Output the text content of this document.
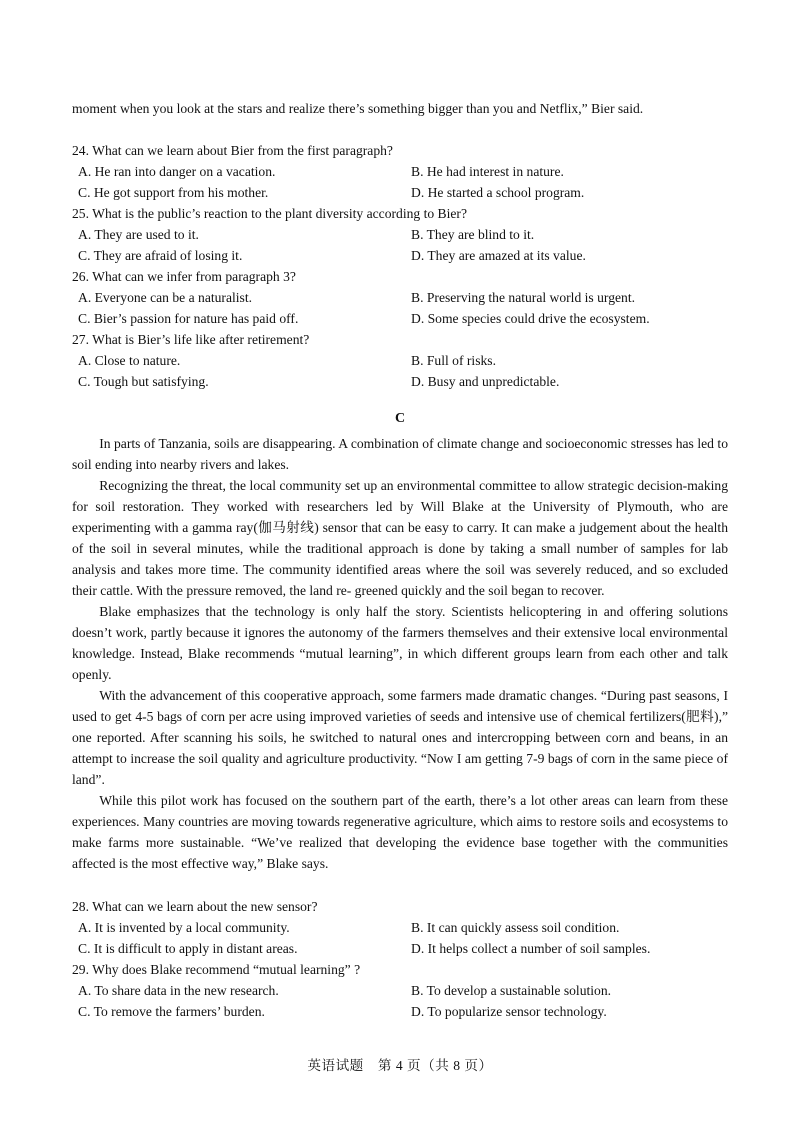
moment when you look at the stars and realize there’s something bigger than you and Netflix,” Bier said.
24. What can we learn about Bier from the first paragraph?
A. He ran into danger on a vacation.	B. He had interest in nature.
C. He got support from his mother.	D. He started a school program.
25. What is the public’s reaction to the plant diversity according to Bier?
A. They are used to it.	B. They are blind to it.
C. They are afraid of losing it.	D. They are amazed at its value.
26. What can we infer from paragraph 3?
A. Everyone can be a naturalist.	B. Preserving the natural world is urgent.
C. Bier’s passion for nature has paid off.	D. Some species could drive the ecosystem.
27. What is Bier’s life like after retirement?
A. Close to nature.	B. Full of risks.
C. Tough but satisfying.	D. Busy and unpredictable.
C

In parts of Tanzania, soils are disappearing. A combination of climate change and socioeconomic stresses has led to soil ending into nearby rivers and lakes.

Recognizing the threat, the local community set up an environmental committee to allow strategic decision-making for soil restoration. They worked with researchers led by Will Blake at the University of Plymouth, who are experimenting with a gamma ray(伽马射线) sensor that can be easy to carry. It can make a judgement about the health of the soil in several minutes, while the traditional approach is done by taking a small number of samples for lab analysis and takes more time. The community identified areas where the soil was severely reduced, and so excluded their cattle. With the pressure removed, the land re- greened quickly and the soil began to recover.

Blake emphasizes that the technology is only half the story. Scientists helicoptering in and offering solutions doesn’t work, partly because it ignores the autonomy of the farmers themselves and their extensive local environmental knowledge. Instead, Blake recommends “mutual learning”, in which different groups learn from each other and talk openly.

With the advancement of this cooperative approach, some farmers made dramatic changes. “During past seasons, I used to get 4-5 bags of corn per acre using improved varieties of seeds and intensive use of chemical fertilizers(肥料),” one reported. After scanning his soils, he switched to natural ones and intercropping between corn and beans, in an attempt to increase the soil quality and agriculture productivity. “Now I am getting 7-9 bags of corn in the same piece of land”.

While this pilot work has focused on the southern part of the earth, there’s a lot other areas can learn from these experiences. Many countries are moving towards regenerative agriculture, which aims to restore soils and ecosystems to make farms more sustainable. “We’ve realized that developing the evidence base together with the communities affected is the most effective way,” Blake says.

28. What can we learn about the new sensor?
A. It is invented by a local community.	B. It can quickly assess soil condition.
C. It is difficult to apply in distant areas.	D. It helps collect a number of soil samples.
29. Why does Blake recommend “mutual learning” ?
A. To share data in the new research.	B. To develop a sustainable solution.
C. To remove the farmers’ burden.	D. To popularize sensor technology.
英语试题　第 4 页（共 8 页）
